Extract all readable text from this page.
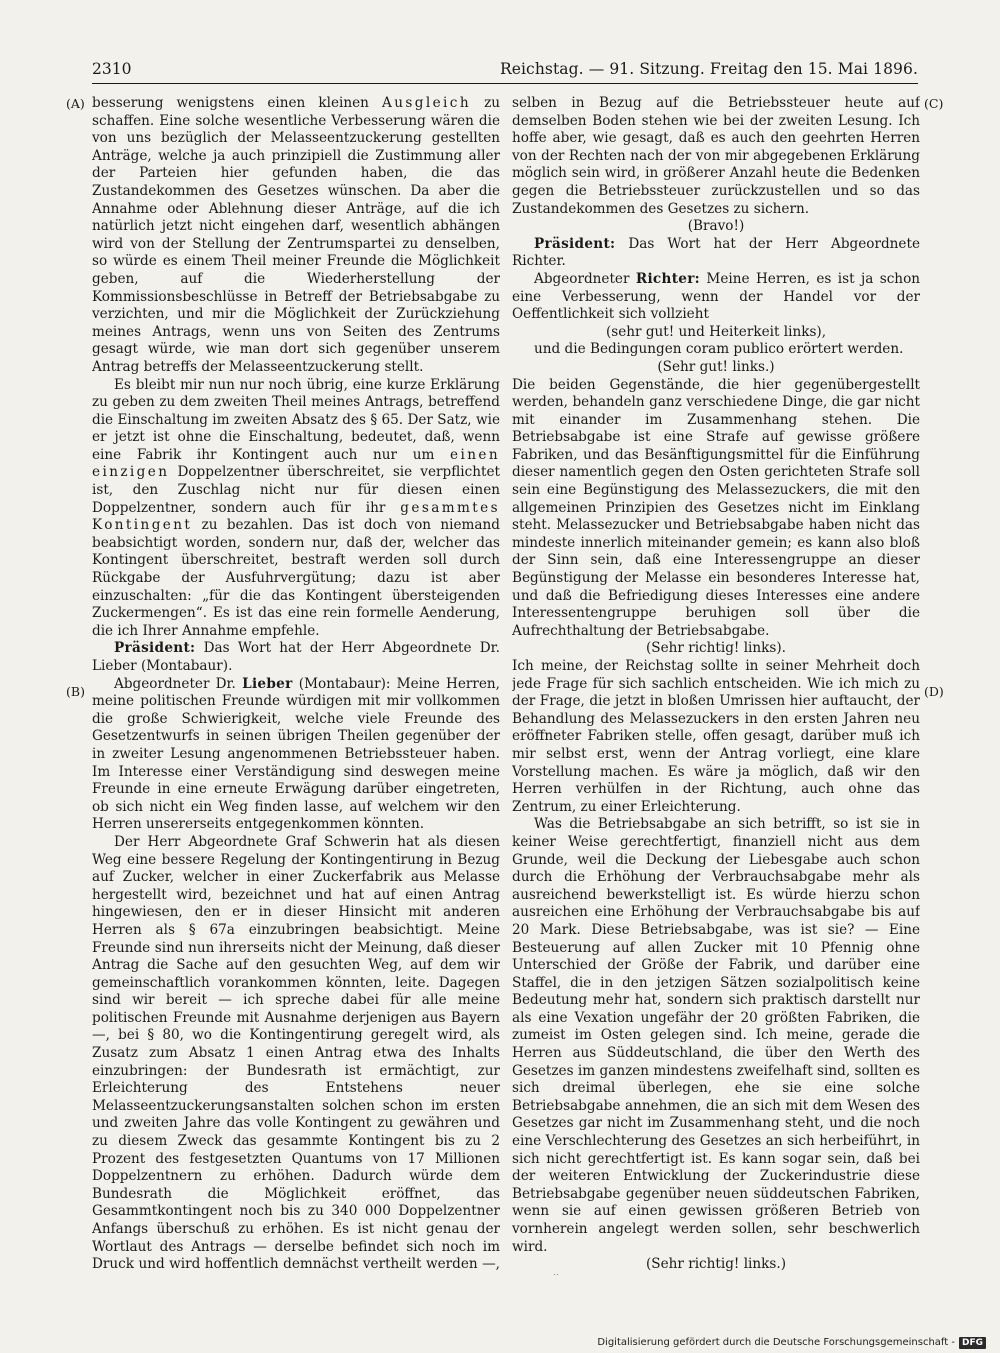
2310	Reichstag. — 91. Sitzung. Freitag den 15. Mai 1896.
(A)
(B)
(C)
(D)

besserung wenigstens einen kleinen Ausgleich zu schaffen. Eine solche wesentliche Verbesserung wären die von uns bezüglich der Melasseentzuckerung gestellten Anträge, welche ja auch prinzipiell die Zustimmung aller der Parteien hier gefunden haben, die das Zustandekommen des Gesetzes wünschen. Da aber die Annahme oder Ablehnung dieser Anträge, auf die ich natürlich jetzt nicht eingehen darf, wesentlich abhängen wird von der Stellung der Zentrumspartei zu denselben, so würde es einem Theil meiner Freunde die Möglichkeit geben, auf die Wiederherstellung der Kommissionsbeschlüsse in Betreff der Betriebsabgabe zu verzichten, und mir die Möglichkeit der Zurückziehung meines Antrags, wenn uns von Seiten des Zentrums gesagt würde, wie man dort sich gegenüber unserem Antrag betreffs der Melasseentzuckerung stellt.

Es bleibt mir nun nur noch übrig, eine kurze Erklärung zu geben zu dem zweiten Theil meines Antrags, betreffend die Einschaltung im zweiten Absatz des § 65. Der Satz, wie er jetzt ist ohne die Einschaltung, bedeutet, daß, wenn eine Fabrik ihr Kontingent auch nur um einen einzigen Doppelzentner überschreitet, sie verpflichtet ist, den Zuschlag nicht nur für diesen einen Doppelzentner, sondern auch für ihr gesammtes Kontingent zu bezahlen. Das ist doch von niemand beabsichtigt worden, sondern nur, daß der, welcher das Kontingent überschreitet, bestraft werden soll durch Rückgabe der Ausfuhrvergütung; dazu ist aber einzuschalten: „für die das Kontingent übersteigenden Zuckermengen“. Es ist das eine rein formelle Aenderung, die ich Ihrer Annahme empfehle.

Präsident: Das Wort hat der Herr Abgeordnete Dr. Lieber (Montabaur).

Abgeordneter Dr. Lieber (Montabaur): Meine Herren, meine politischen Freunde würdigen mit mir vollkommen die große Schwierigkeit, welche viele Freunde des Gesetzentwurfs in seinen übrigen Theilen gegenüber der in zweiter Lesung angenommenen Betriebssteuer haben. Im Interesse einer Verständigung sind deswegen meine Freunde in eine erneute Erwägung darüber eingetreten, ob sich nicht ein Weg finden lasse, auf welchem wir den Herren unsererseits entgegenkommen könnten.

Der Herr Abgeordnete Graf Schwerin hat als diesen Weg eine bessere Regelung der Kontingentirung in Bezug auf Zucker, welcher in einer Zuckerfabrik aus Melasse hergestellt wird, bezeichnet und hat auf einen Antrag hingewiesen, den er in dieser Hinsicht mit anderen Herren als § 67a einzubringen beabsichtigt. Meine Freunde sind nun ihrerseits nicht der Meinung, daß dieser Antrag die Sache auf den gesuchten Weg, auf dem wir gemeinschaftlich vorankommen könnten, leite. Dagegen sind wir bereit — ich spreche dabei für alle meine politischen Freunde mit Ausnahme derjenigen aus Bayern —, bei § 80, wo die Kontingentirung geregelt wird, als Zusatz zum Absatz 1 einen Antrag etwa des Inhalts einzubringen: der Bundesrath ist ermächtigt, zur Erleichterung des Entstehens neuer Melasseentzuckerungsanstalten solchen schon im ersten und zweiten Jahre das volle Kontingent zu gewähren und zu diesem Zweck das gesammte Kontingent bis zu 2 Prozent des festgesetzten Quantums von 17 Millionen Doppelzentnern zu erhöhen. Dadurch würde dem Bundesrath die Möglichkeit eröffnet, das Gesammtkontingent noch bis zu 340 000 Doppelzentner Anfangs überschuß zu erhöhen. Es ist nicht genau der Wortlaut des Antrags — derselbe befindet sich noch im Druck und wird hoffentlich demnächst vertheilt werden —,

selben in Bezug auf die Betriebssteuer heute auf demselben Boden stehen wie bei der zweiten Lesung. Ich hoffe aber, wie gesagt, daß es auch den geehrten Herren von der Rechten nach der von mir abgegebenen Erklärung möglich sein wird, in größerer Anzahl heute die Bedenken gegen die Betriebssteuer zurückzustellen und so das Zustandekommen des Gesetzes zu sichern.

(Bravo!)

Präsident: Das Wort hat der Herr Abgeordnete Richter.

Abgeordneter Richter: Meine Herren, es ist ja schon eine Verbesserung, wenn der Handel vor der Oeffentlichkeit sich vollzieht

(sehr gut! und Heiterkeit links),

und die Bedingungen coram publico erörtert werden.

(Sehr gut! links.)

Die beiden Gegenstände, die hier gegenübergestellt werden, behandeln ganz verschiedene Dinge, die gar nicht mit einander im Zusammenhang stehen. Die Betriebsabgabe ist eine Strafe auf gewisse größere Fabriken, und das Besänftigungsmittel für die Einführung dieser namentlich gegen den Osten gerichteten Strafe soll sein eine Begünstigung des Melassezuckers, die mit den allgemeinen Prinzipien des Gesetzes nicht im Einklang steht. Melassezucker und Betriebsabgabe haben nicht das mindeste innerlich miteinander gemein; es kann also bloß der Sinn sein, daß eine Interessengruppe an dieser Begünstigung der Melasse ein besonderes Interesse hat, und daß die Befriedigung dieses Interesses eine andere Interessentengruppe beruhigen soll über die Aufrechthaltung der Betriebsabgabe.

(Sehr richtig! links).

Ich meine, der Reichstag sollte in seiner Mehrheit doch jede Frage für sich sachlich entscheiden. Wie ich mich zu der Frage, die jetzt in bloßen Umrissen hier auftaucht, der Behandlung des Melassezuckers in den ersten Jahren neu eröffneter Fabriken stelle, offen gesagt, darüber muß ich mir selbst erst, wenn der Antrag vorliegt, eine klare Vorstellung machen. Es wäre ja möglich, daß wir den Herren verhülfen in der Richtung, auch ohne das Zentrum, zu einer Erleichterung.

Was die Betriebsabgabe an sich betrifft, so ist sie in keiner Weise gerechtfertigt, finanziell nicht aus dem Grunde, weil die Deckung der Liebesgabe auch schon durch die Erhöhung der Verbrauchsabgabe mehr als ausreichend bewerkstelligt ist. Es würde hierzu schon ausreichen eine Erhöhung der Verbrauchsabgabe bis auf 20 Mark. Diese Betriebsabgabe, was ist sie? — Eine Besteuerung auf allen Zucker mit 10 Pfennig ohne Unterschied der Größe der Fabrik, und darüber eine Staffel, die in den jetzigen Sätzen sozialpolitisch keine Bedeutung mehr hat, sondern sich praktisch darstellt nur als eine Vexation ungefähr der 20 größten Fabriken, die zumeist im Osten gelegen sind. Ich meine, gerade die Herren aus Süddeutschland, die über den Werth des Gesetzes im ganzen mindestens zweifelhaft sind, sollten es sich dreimal überlegen, ehe sie eine solche Betriebsabgabe annehmen, die an sich mit dem Wesen des Gesetzes gar nicht im Zusammenhang steht, und die noch eine Verschlechterung des Gesetzes an sich herbeiführt, in sich nicht gerechtfertigt ist. Es kann sogar sein, daß bei der weiteren Entwicklung der Zuckerindustrie diese Betriebsabgabe gegenüber neuen süddeutschen Fabriken, wenn sie auf einen gewissen größeren Betrieb von vornherein angelegt werden sollen, sehr beschwerlich wird.

(Sehr richtig! links.)

Digitalisierung gefördert durch die Deutsche Forschungsgemeinschaft - DFG
